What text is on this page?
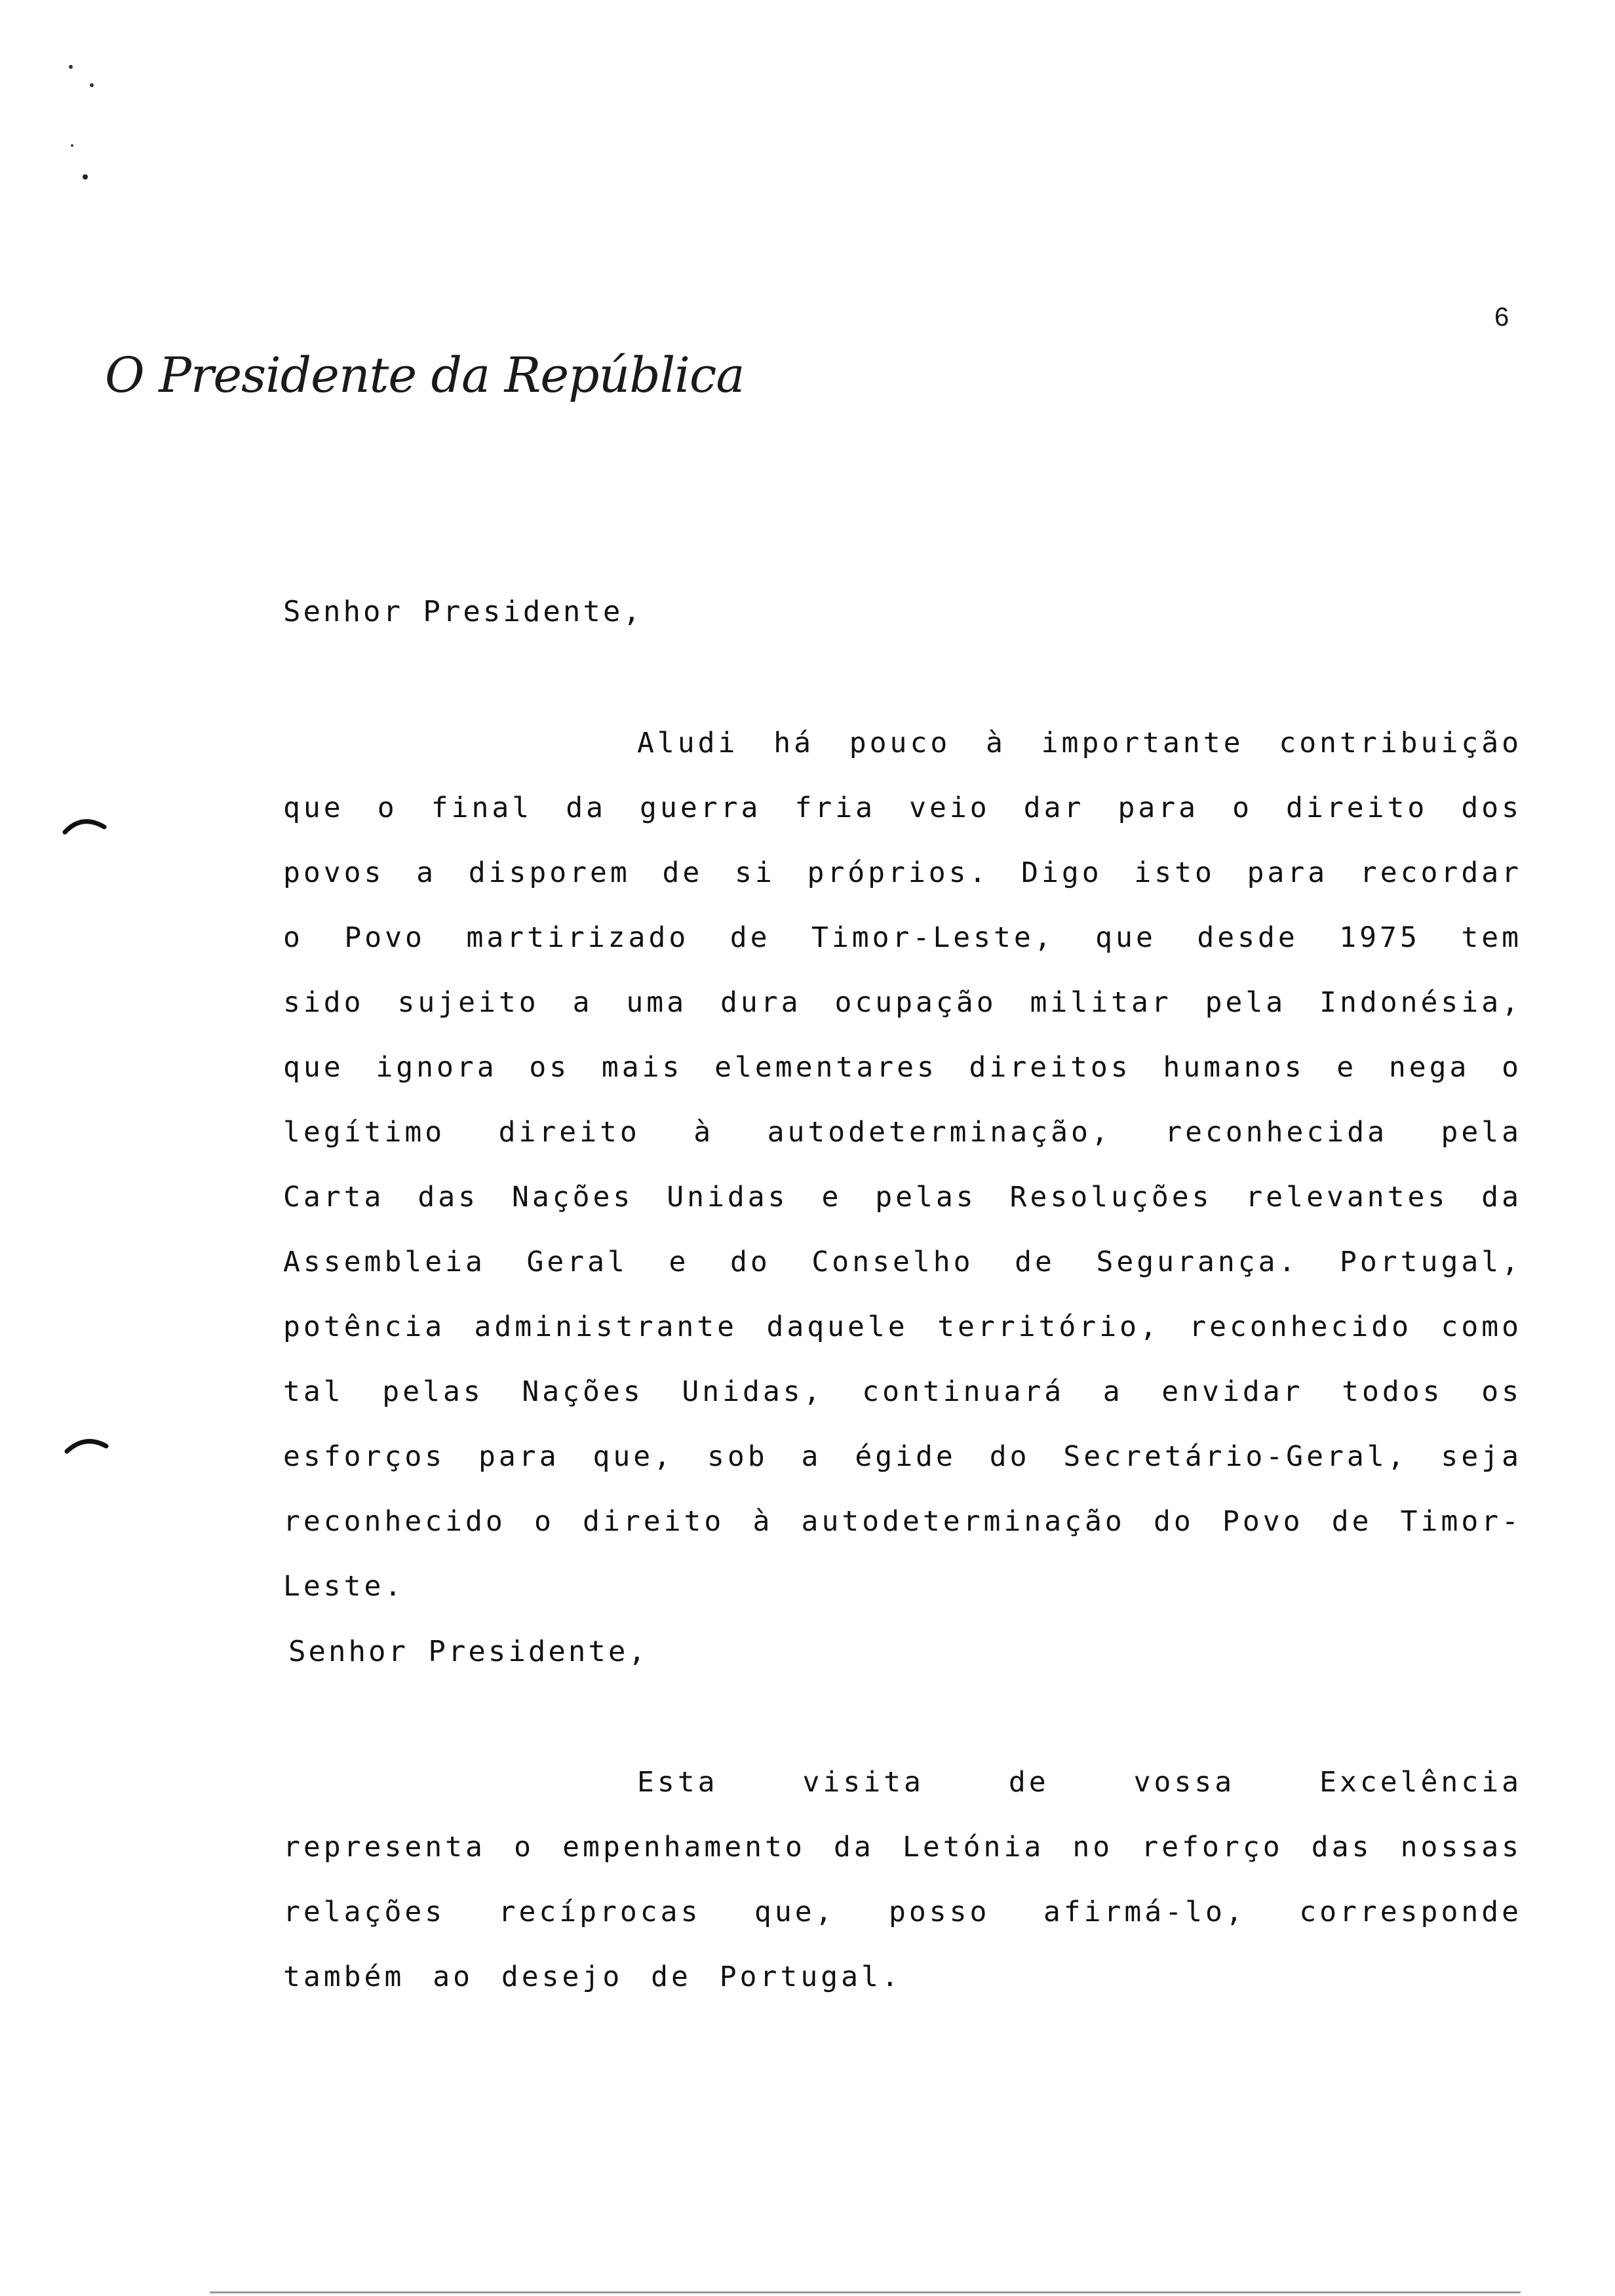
6
O Presidente da República
Senhor Presidente,

Aludi há pouco à importante contribuição que o final da guerra fria veio dar para o direito dos povos a disporem de si próprios. Digo isto para recordar o Povo martirizado de Timor-Leste, que desde 1975 tem sido sujeito a uma dura ocupação militar pela Indonésia, que ignora os mais elementares direitos humanos e nega o legítimo direito à autodeterminação, reconhecida pela Carta das Nações Unidas e pelas Resoluções relevantes da Assembleia Geral e do Conselho de Segurança. Portugal, potência administrante daquele território, reconhecido como tal pelas Nações Unidas, continuará a envidar todos os esforços para que, sob a égide do Secretário-Geral, seja reconhecido o direito à autodeterminação do Povo de Timor-Leste.

Senhor Presidente,

Esta visita de vossa Excelência representa o empenhamento da Letónia no reforço das nossas relações recíprocas que, posso afirmá-lo, corresponde também ao desejo de Portugal.
